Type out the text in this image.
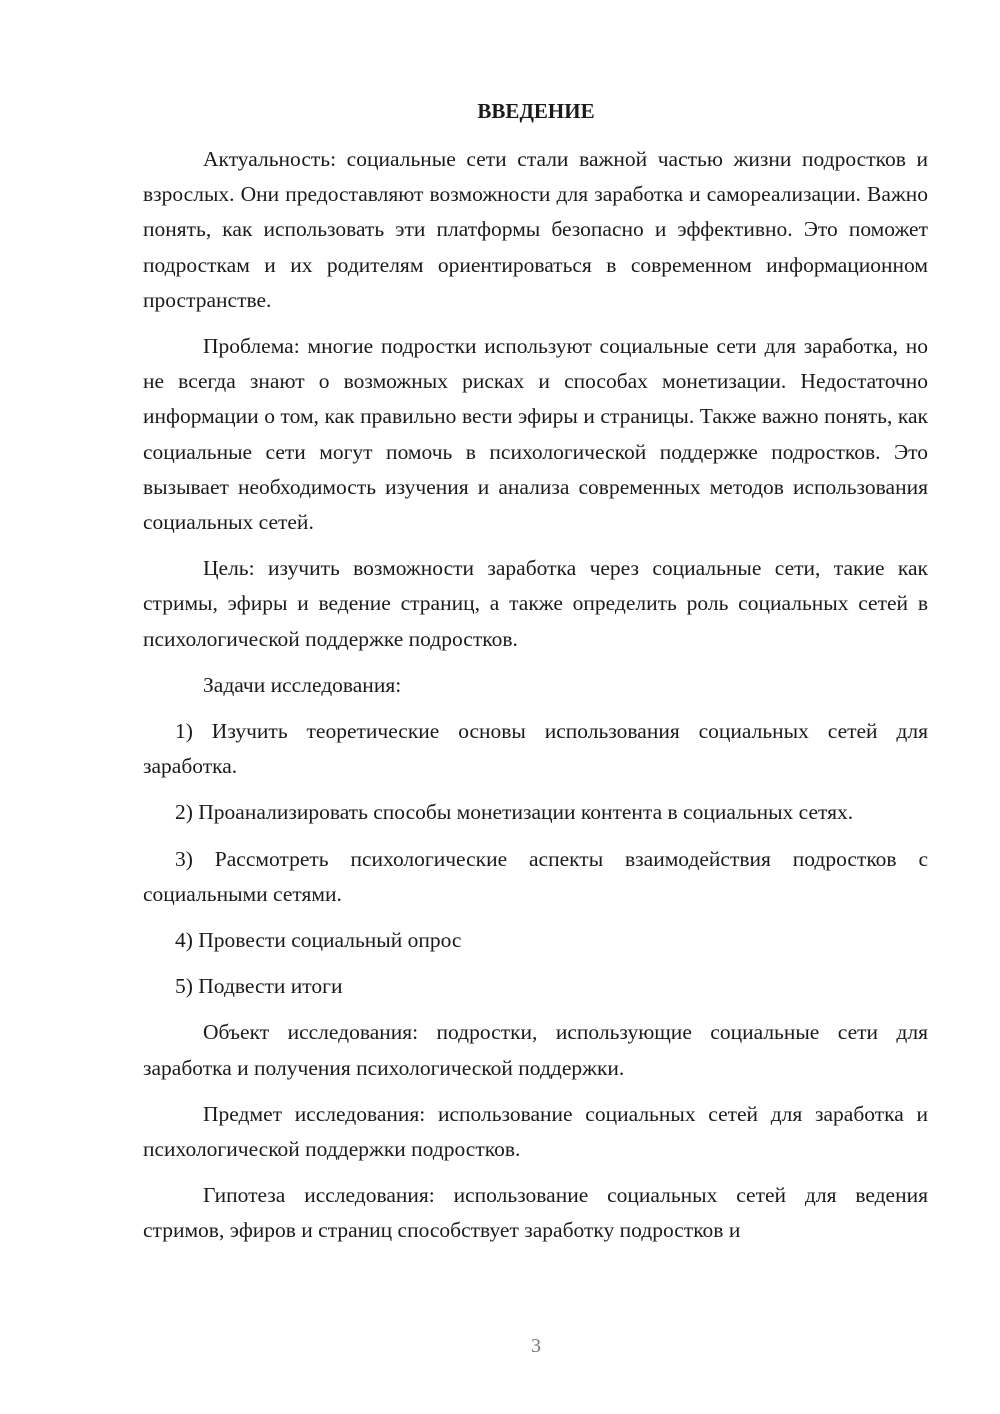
ВВЕДЕНИЕ

Актуальность: социальные сети стали важной частью жизни подростков и взрослых. Они предоставляют возможности для заработка и самореализации. Важно понять, как использовать эти платформы безопасно и эффективно. Это поможет подросткам и их родителям ориентироваться в современном информационном пространстве.

Проблема: многие подростки используют социальные сети для заработка, но не всегда знают о возможных рисках и способах монетизации. Недостаточно информации о том, как правильно вести эфиры и страницы. Также важно понять, как социальные сети могут помочь в психологической поддержке подростков. Это вызывает необходимость изучения и анализа современных методов использования социальных сетей.

Цель: изучить возможности заработка через социальные сети, такие как стримы, эфиры и ведение страниц, а также определить роль социальных сетей в психологической поддержке подростков.

Задачи исследования:

1) Изучить теоретические основы использования социальных сетей для заработка.

2) Проанализировать способы монетизации контента в социальных сетях.

3) Рассмотреть психологические аспекты взаимодействия подростков с социальными сетями.

4) Провести социальный опрос

5) Подвести итоги

Объект исследования: подростки, использующие социальные сети для заработка и получения психологической поддержки.

Предмет исследования: использование социальных сетей для заработка и психологической поддержки подростков.

Гипотеза исследования: использование социальных сетей для ведения стримов, эфиров и страниц способствует заработку подростков и

3
